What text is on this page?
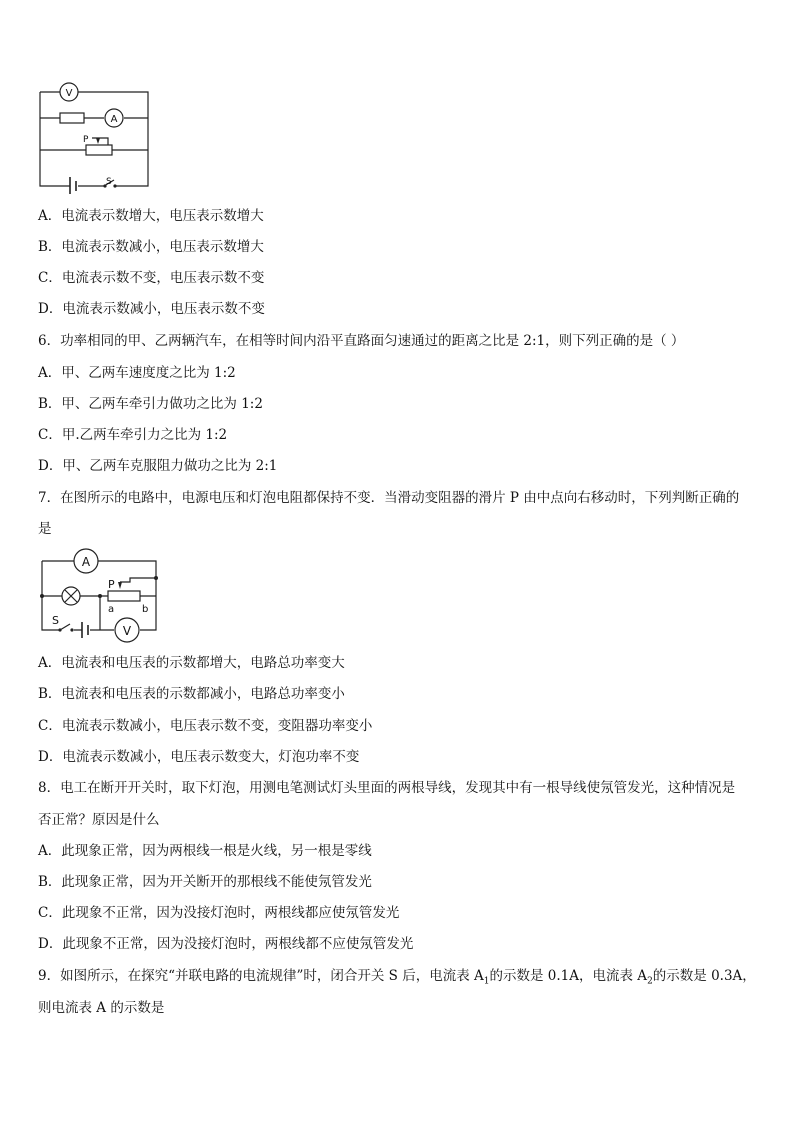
V
A
P
S
A．电流表示数增大，电压表示数增大
B．电流表示数减小，电压表示数增大
C．电流表示数不变，电压表示数不变
D．电流表示数减小，电压表示数不变
6．功率相同的甲、乙两辆汽车，在相等时间内沿平直路面匀速通过的距离之比是 2:1，则下列正确的是（ ）
A．甲、乙两车速度度之比为 1:2
B．甲、乙两车牵引力做功之比为 1:2
C．甲.乙两车牵引力之比为 1:2
D．甲、乙两车克服阻力做功之比为 2:1
7．在图所示的电路中，电源电压和灯泡电阻都保持不变．当滑动变阻器的滑片 P 由中点向右移动时，下列判断正确的
是
A
P
a	b
S
V
A．电流表和电压表的示数都增大，电路总功率变大
B．电流表和电压表的示数都减小，电路总功率变小
C．电流表示数减小，电压表示数不变，变阻器功率变小
D．电流表示数减小，电压表示数变大，灯泡功率不变
8．电工在断开开关时，取下灯泡，用测电笔测试灯头里面的两根导线，发现其中有一根导线使氖管发光，这种情况是
否正常？原因是什么
A．此现象正常，因为两根线一根是火线，另一根是零线
B．此现象正常，因为开关断开的那根线不能使氖管发光
C．此现象不正常，因为没接灯泡时，两根线都应使氖管发光
D．此现象不正常，因为没接灯泡时，两根线都不应使氖管发光
9．如图所示，在探究“并联电路的电流规律”时，闭合开关 S 后，电流表 $A_1$的示数是 0.1A，电流表 $A_2$的示数是 0.3A，
则电流表 A 的示数是
